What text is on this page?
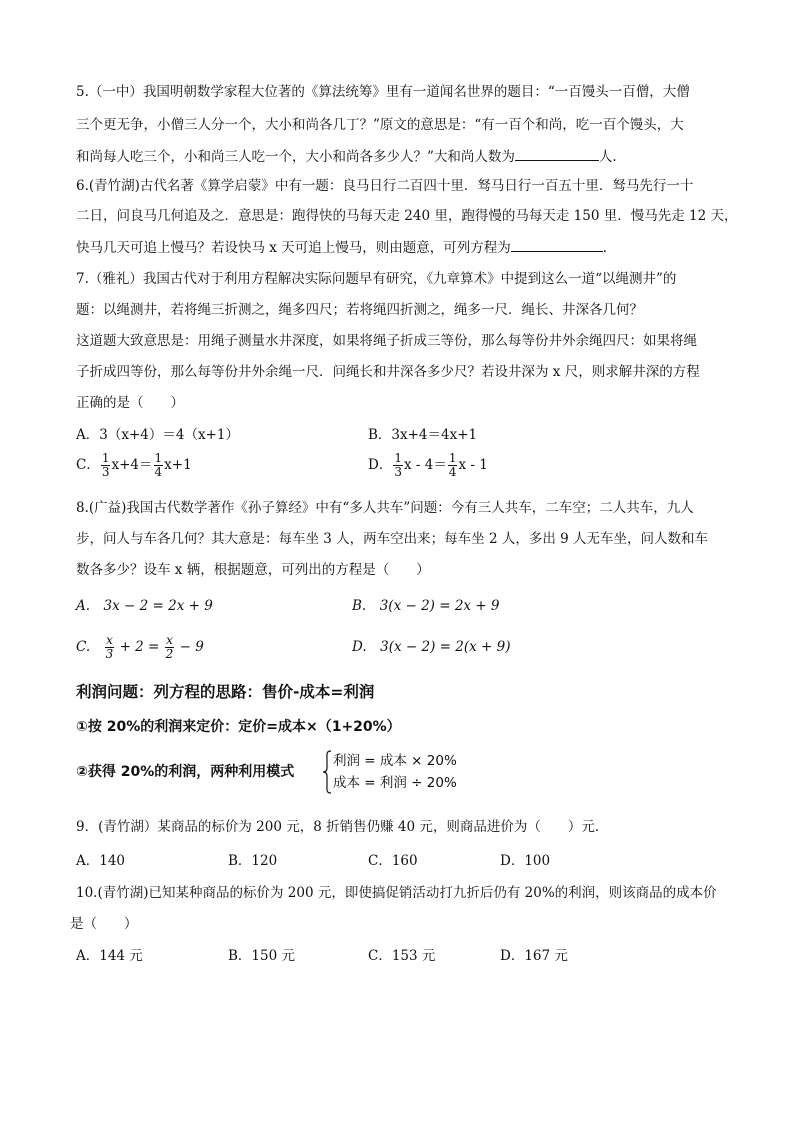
5.（一中）我国明朝数学家程大位著的《算法统筹》里有一道闻名世界的题目：“一百馒头一百僧，大僧
三个更无争，小僧三人分一个，大小和尚各几丁？”原文的意思是：“有一百个和尚，吃一百个馒头，大
和尚每人吃三个，小和尚三人吃一个，大小和尚各多少人？”大和尚人数为	人.
6.(青竹湖)古代名著《算学启蒙》中有一题：良马日行二百四十里．驽马日行一百五十里．驽马先行一十
二日，问良马几何追及之．意思是：跑得快的马每天走 240 里，跑得慢的马每天走 150 里．慢马先走 12 天，
快马几天可追上慢马？若设快马 x 天可追上慢马，则由题意，可列方程为	．
7.（雅礼）我国古代对于利用方程解决实际问题早有研究，《九章算术》中提到这么一道“以绳测井”的
题：以绳测井，若将绳三折测之，绳多四尺；若将绳四折测之，绳多一尺．绳长、井深各几何？
这道题大致意思是：用绳子测量水井深度，如果将绳子折成三等份，那么每等份井外余绳四尺：如果将绳
子折成四等份，那么每等份井外余绳一尺．问绳长和井深各多少尺？若设井深为 x 尺，则求解井深的方程
正确的是（　　）
A．3（x+4）＝4（x+1）	B．3x+4＝4x+1
C． $\frac{1}{3} x+4= \frac{1}{4} x+1$	D． $\frac{1}{3}$ $x - 4= \frac{1}{4}$ x - 1
8.(广益)我国古代数学著作《孙子算经》中有“多人共车”问题：今有三人共车，二车空；二人共车，九人
步，问人与车各几何？其大意是：每车坐 3 人，两车空出来；每车坐 2 人，多出 9 人无车坐，问人数和车
数各多少？设车 x 辆，根据题意，可列出的方程是（　　）
A.　3x − 2 = 2x + 9	B.　3(x − 2) = 2x + 9
C.　 $\frac{x}{3} + 2 = \frac{x}{2} - 9$	D.　3(x − 2) = 2(x + 9)
利润问题：列方程的思路：售价-成本=利润
①按 20%的利润来定价：定价=成本×（1+20%）
②获得 20%的利润，两种利用模式
利润 = 成本 × 20%
成本 = 利润 ÷ 20%
9．(青竹湖）某商品的标价为 200 元，8 折销售仍赚 40 元，则商品进价为（　　）元．
A．140	B．120	C．160	D．100
10.(青竹湖)已知某种商品的标价为 200 元，即使搞促销活动打九折后仍有 20%的利润，则该商品的成本价
是（　　）
A．144 元	B．150 元	C．153 元	D．167 元
